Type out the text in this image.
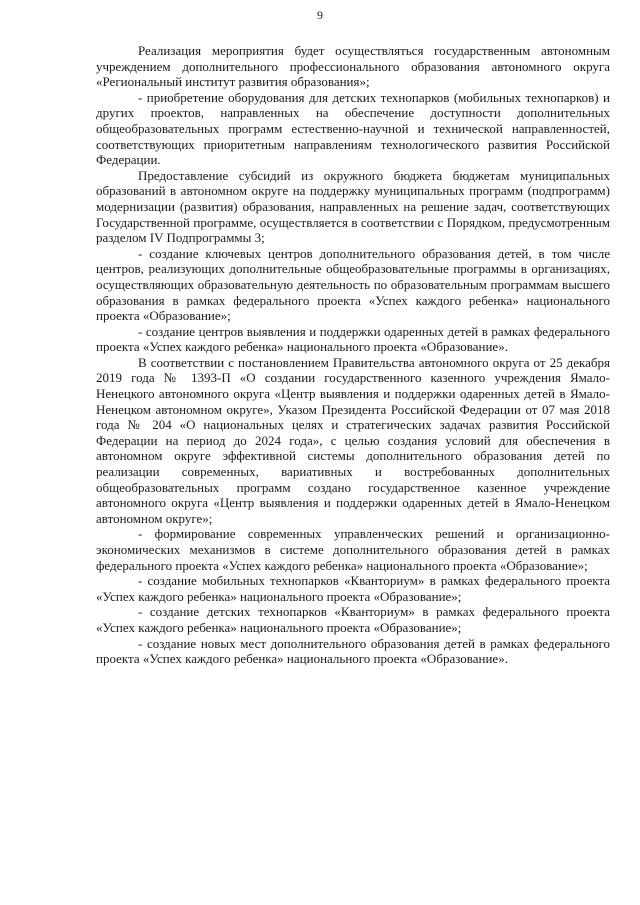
9

Реализация мероприятия будет осуществляться государственным автономным учреждением дополнительного профессионального образования автономного округа «Региональный институт развития образования»;

- приобретение оборудования для детских технопарков (мобильных технопарков) и других проектов, направленных на обеспечение доступности дополнительных общеобразовательных программ естественно-научной и технической направленностей, соответствующих приоритетным направлениям технологического развития Российской Федерации.

Предоставление субсидий из окружного бюджета бюджетам муниципальных образований в автономном округе на поддержку муниципальных программ (подпрограмм) модернизации (развития) образования, направленных на решение задач, соответствующих Государственной программе, осуществляется в соответствии с Порядком, предусмотренным разделом IV Подпрограммы 3;

- создание ключевых центров дополнительного образования детей, в том числе центров, реализующих дополнительные общеобразовательные программы в организациях, осуществляющих образовательную деятельность по образовательным программам высшего образования в рамках федерального проекта «Успех каждого ребенка» национального проекта «Образование»;

- создание центров выявления и поддержки одаренных детей в рамках федерального проекта «Успех каждого ребенка» национального проекта «Образование».

В соответствии с постановлением Правительства автономного округа от 25 декабря 2019 года № 1393-П «О создании государственного казенного учреждения Ямало-Ненецкого автономного округа «Центр выявления и поддержки одаренных детей в Ямало-Ненецком автономном округе», Указом Президента Российской Федерации от 07 мая 2018 года № 204 «О национальных целях и стратегических задачах развития Российской Федерации на период до 2024 года», с целью создания условий для обеспечения в автономном округе эффективной системы дополнительного образования детей по реализации современных, вариативных и востребованных дополнительных общеобразовательных программ создано государственное казенное учреждение автономного округа «Центр выявления и поддержки одаренных детей в Ямало-Ненецком автономном округе»;

- формирование современных управленческих решений и организационно-экономических механизмов в системе дополнительного образования детей в рамках федерального проекта «Успех каждого ребенка» национального проекта «Образование»;

- создание мобильных технопарков «Кванториум» в рамках федерального проекта «Успех каждого ребенка» национального проекта «Образование»;

- создание детских технопарков «Кванториум» в рамках федерального проекта «Успех каждого ребенка» национального проекта «Образование»;

- создание новых мест дополнительного образования детей в рамках федерального проекта «Успех каждого ребенка» национального проекта «Образование».
